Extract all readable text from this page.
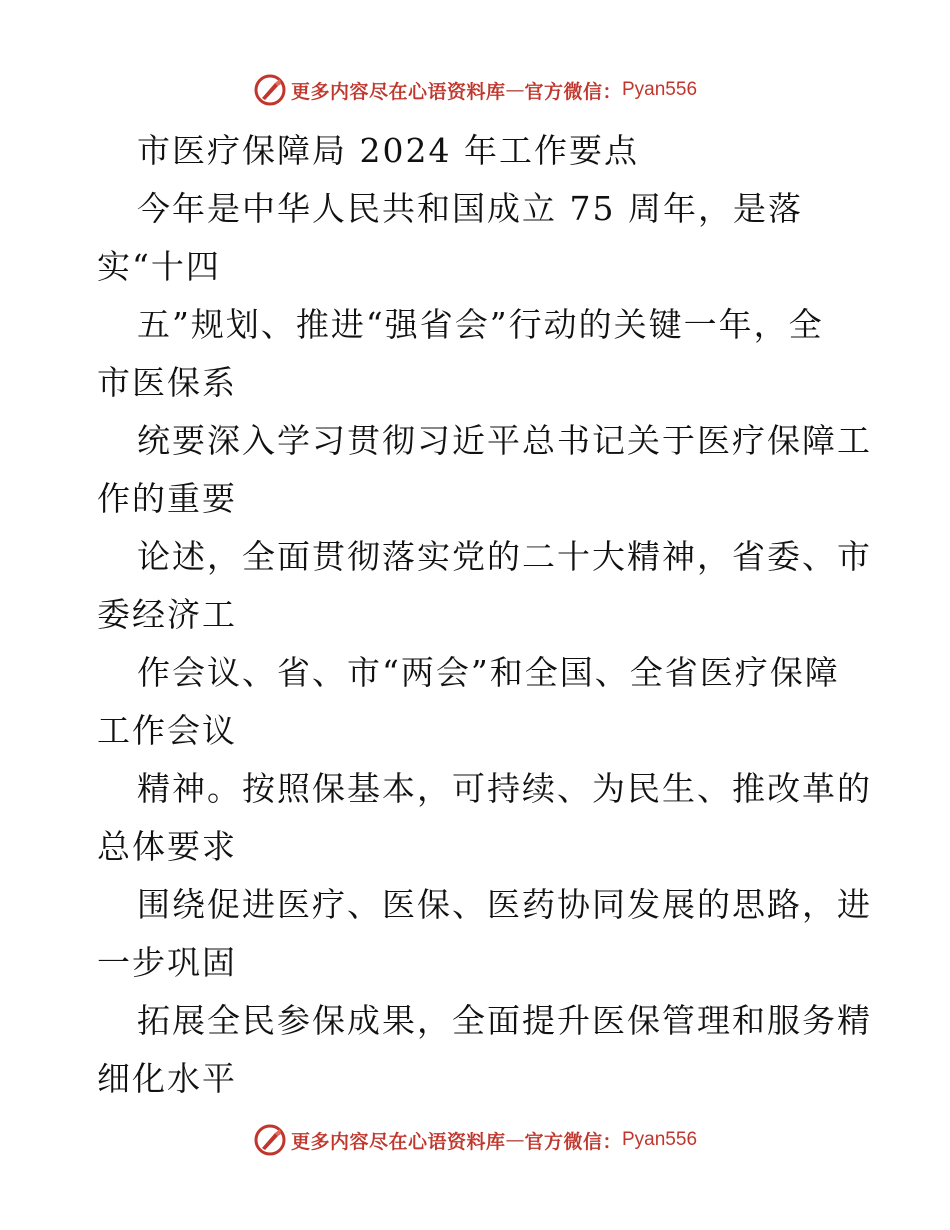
更多内容尽在心语资料库 — 官方微信： Pyan556
市医疗保障局 2024 年工作要点
今年是中华人民共和国成立 75 周年，是落
实“十四
五”规划、推进“强省会”行动的关键一年，全
市医保系
统要深入学习贯彻习近平总书记关于医疗保障工
作的重要
论述，全面贯彻落实党的二十大精神，省委、市
委经济工
作会议、省、市“两会”和全国、全省医疗保障
工作会议
精神。按照保基本，可持续、为民生、推改革的
总体要求
围绕促进医疗、医保、医药协同发展的思路，进
一步巩固
拓展全民参保成果，全面提升医保管理和服务精
细化水平
更多内容尽在心语资料库 — 官方微信： Pyan556
